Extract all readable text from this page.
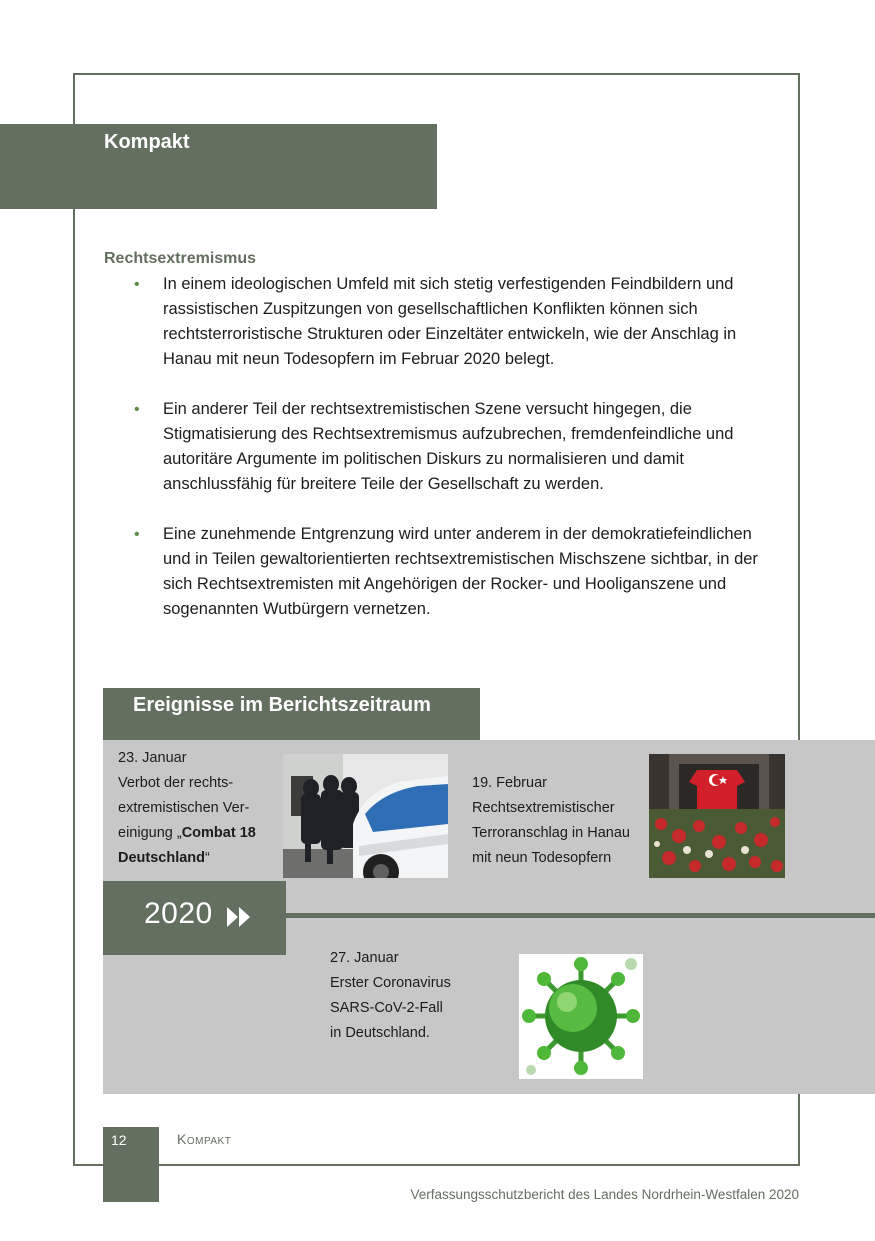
Kompakt
Rechtsextremismus
• In einem ideologischen Umfeld mit sich stetig verfestigenden Feindbildern und rassistischen Zuspitzungen von gesellschaftlichen Konflikten können sich rechtsterroristische Strukturen oder Einzeltäter entwickeln, wie der Anschlag in Hanau mit neun Todesopfern im Februar 2020 belegt.
• Ein anderer Teil der rechtsextremistischen Szene versucht hingegen, die Stigmatisierung des Rechtsextremismus aufzubrechen, fremdenfeindliche und autoritäre Argumente im politischen Diskurs zu normalisieren und damit anschlussfähig für breitere Teile der Gesellschaft zu werden.
• Eine zunehmende Entgrenzung wird unter anderem in der demokratiefeindlichen und in Teilen gewaltorientierten rechtsextremistischen Mischszene sichtbar, in der sich Rechtsextremisten mit Angehörigen der Rocker- und Hooliganszene und sogenannten Wutbürgern vernetzen.
Ereignisse im Berichtszeitraum
2020
23. Januar
Verbot der rechts-extremistischen Ver-einigung „Combat 18 Deutschland“
19. Februar
Rechtsextremistischer Terroranschlag in Hanau mit neun Todesopfern
27. Januar
Erster Coronavirus
SARS-CoV-2-Fall
in Deutschland.
12	Kompakt
Verfassungsschutzbericht des Landes Nordrhein-Westfalen 2020
